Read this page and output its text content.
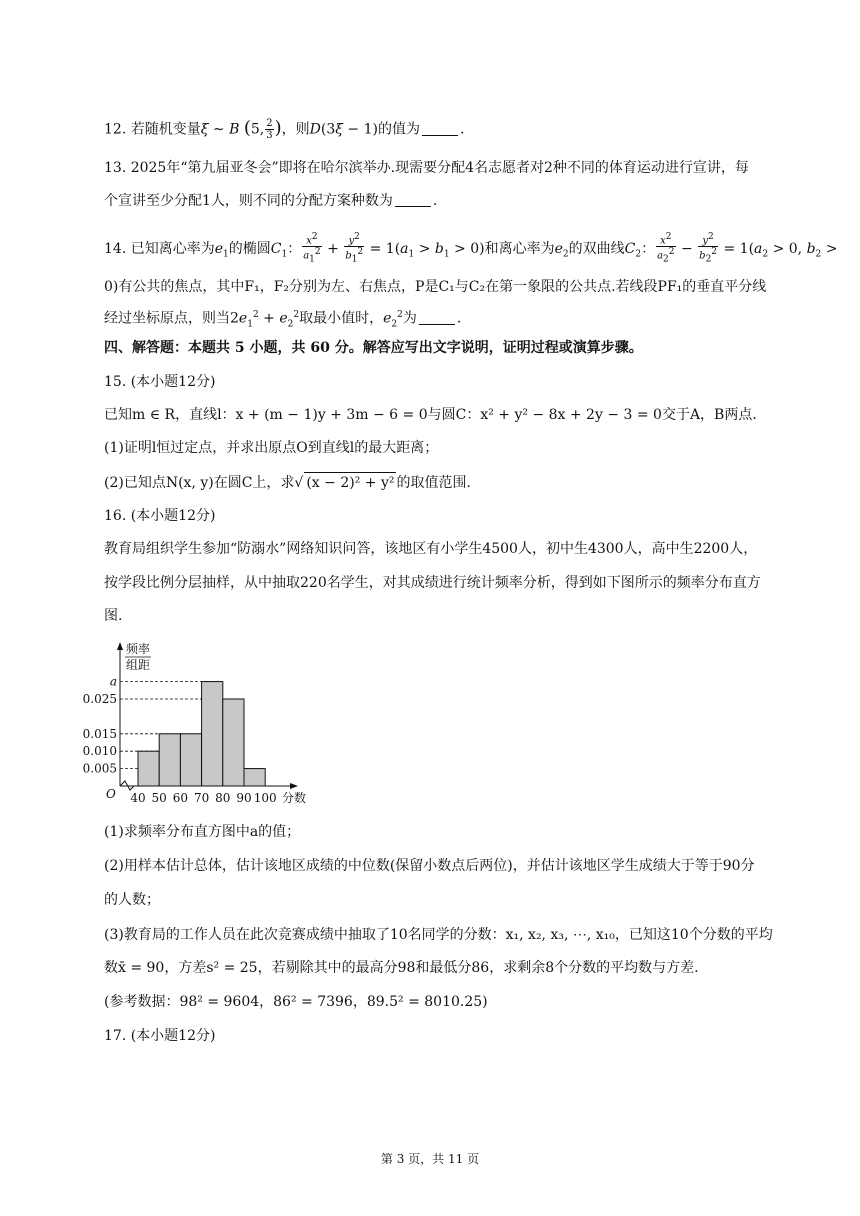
12. 若随机变量ξ ∼ B (5, $\frac{2}{3}$ )，则D(3ξ − 1)的值为	.
13. 2025年“第九届亚冬会”即将在哈尔滨举办.现需要分配4名志愿者对2种不同的体育运动进行宣讲，每
个宣讲至少分配1人，则不同的分配方案种数为	.
14. 已知离心率为$e_1$的椭圆$C_1$： $\frac{x^2}{a_1^2} + \frac{y^2}{b_1^2} = 1(a_1 > b_1 > 0)$和离心率为$e_2$的双曲线$C_2$： $\frac{x^2}{a_2^2} - \frac{y^2}{b_2^2} = 1(a_2 > 0$, $b_2$ >
0)有公共的焦点，其中F₁，F₂分别为左、右焦点，P是C₁与C₂在第一象限的公共点.若线段PF₁的垂直平分线
经过坐标原点，则当$2e_1^2 + e_2^2$取最小值时，$e_2^2$为	.
四、解答题：本题共 5 小题，共 60 分。解答应写出文字说明，证明过程或演算步骤。
15. (本小题12分)
已知m ∈ R，直线l：x + (m − 1)y + 3m − 6 = 0与圆C：x² + y² − 8x + 2y − 3 = 0交于A，B两点.
(1)证明l恒过定点，并求出原点O到直线l的最大距离；
(2)已知点N(x, y)在圆C上，求√ (x − 2)² + y² 的取值范围.
16. (本小题12分)
教育局组织学生参加“防溺水”网络知识问答，该地区有小学生4500人，初中生4300人，高中生2200人，
按学段比例分层抽样，从中抽取220名学生，对其成绩进行统计频率分析，得到如下图所示的频率分布直方
图.
0.005
0.010
0.015
0.025
a
40 50 60 70 80 90 100 分数
O
频率
组距
(1)求频率分布直方图中a的值；
(2)用样本估计总体，估计该地区成绩的中位数(保留小数点后两位)，并估计该地区学生成绩大于等于90分
的人数；
(3)教育局的工作人员在此次竞赛成绩中抽取了10名同学的分数：x₁, x₂, x₃, ⋯, x₁₀，已知这10个分数的平均
数x̄ = 90，方差s² = 25，若剔除其中的最高分98和最低分86，求剩余8个分数的平均数与方差.
(参考数据：98² = 9604，86² = 7396，89.5² = 8010.25)
17. (本小题12分)
第 3 页，共 11 页
